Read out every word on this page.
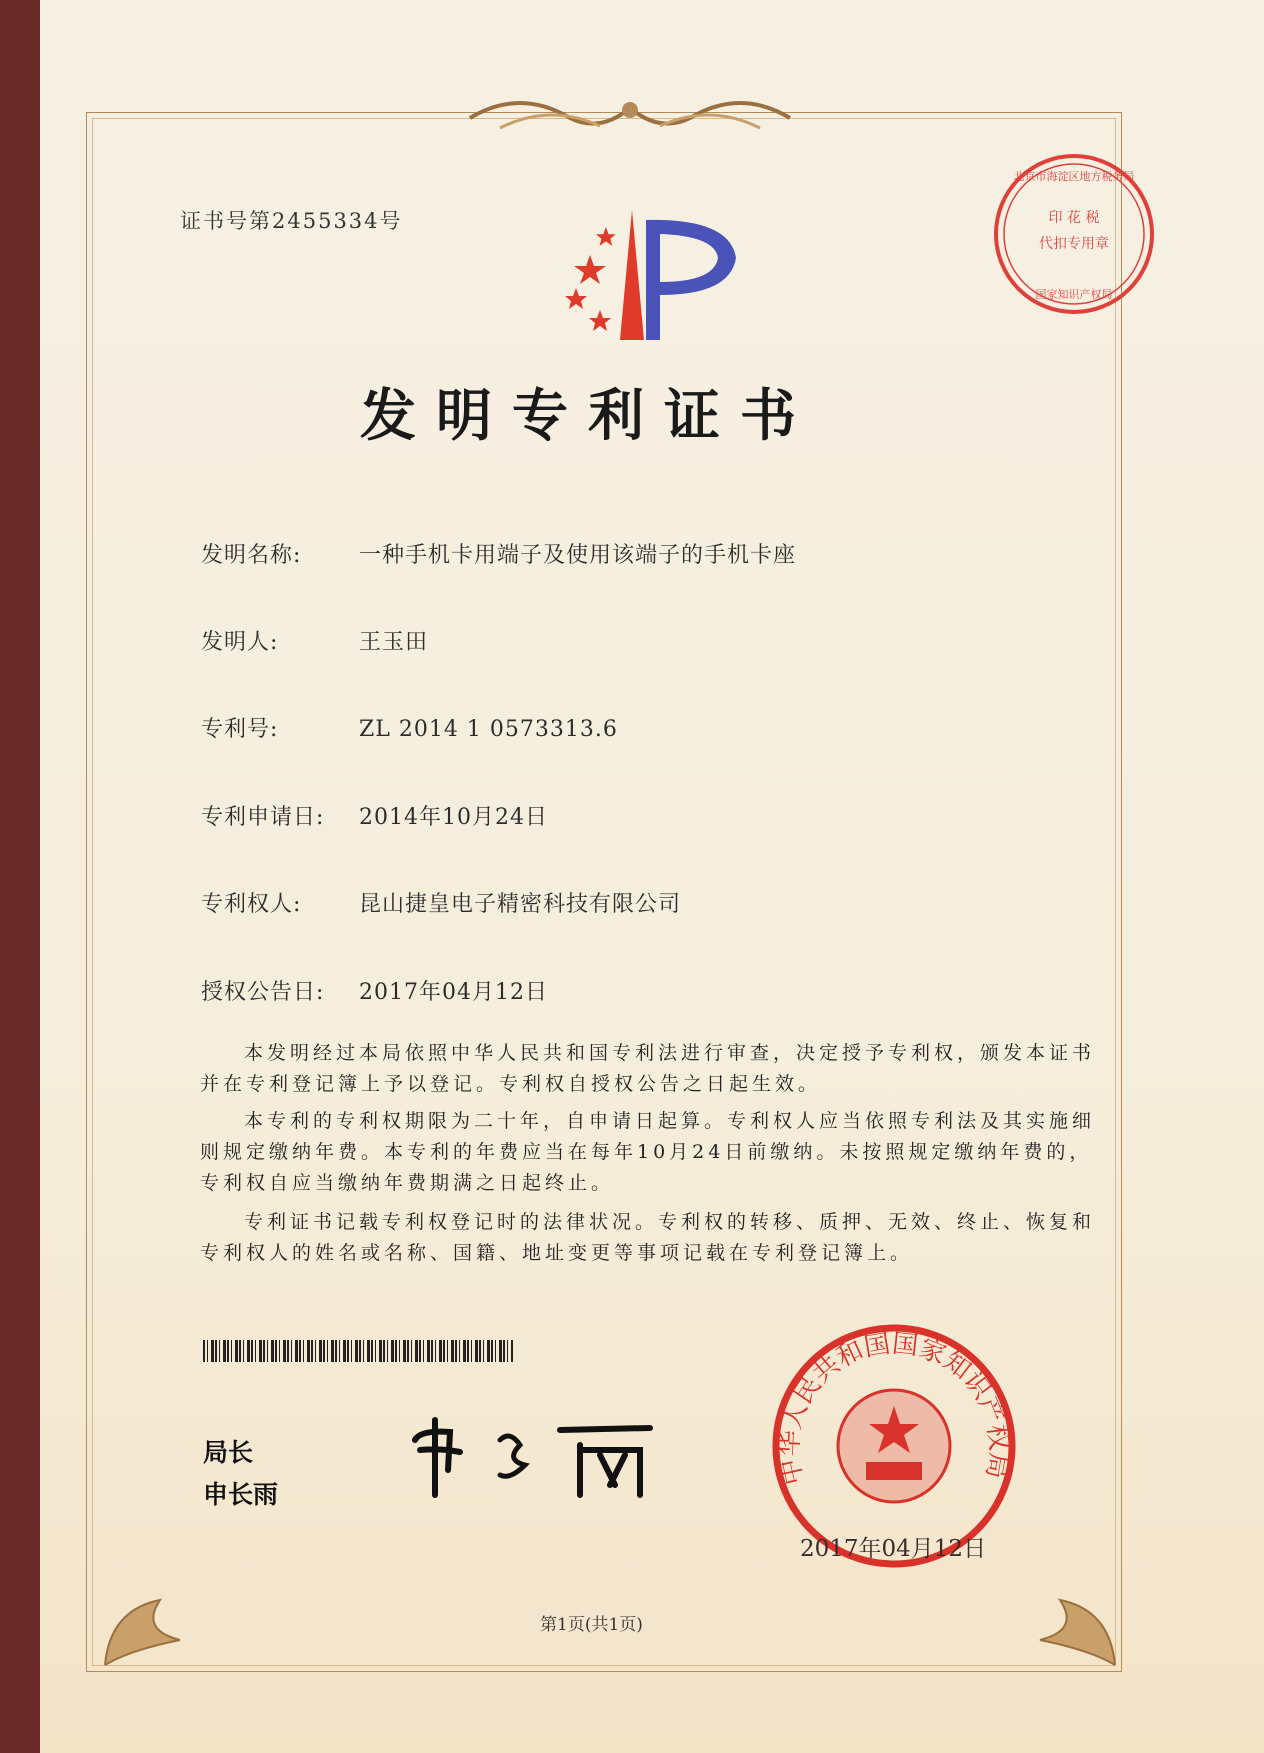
印 花 税
代扣专用章
北京市海淀区地方税务局
国家知识产权局
证书号第2455334号
发明专利证书
发明名称:	一种手机卡用端子及使用该端子的手机卡座
发明人:	王玉田
专利号:	ZL 2014 1 0573313.6
专利申请日: 2014年10月24日
专利权人:	昆山捷皇电子精密科技有限公司
授权公告日: 2017年04月12日
本发明经过本局依照中华人民共和国专利法进行审查，决定授予专利权，颁发本证书并在专利登记簿上予以登记。专利权自授权公告之日起生效。
本专利的专利权期限为二十年，自申请日起算。专利权人应当依照专利法及其实施细则规定缴纳年费。本专利的年费应当在每年10月24日前缴纳。未按照规定缴纳年费的，专利权自应当缴纳年费期满之日起终止。
专利证书记载专利权登记时的法律状况。专利权的转移、质押、无效、终止、恢复和专利权人的姓名或名称、国籍、地址变更等事项记载在专利登记簿上。
局长
申长雨
中华人民共和国国家知识产权局
2017年04月12日
第1页(共1页)
